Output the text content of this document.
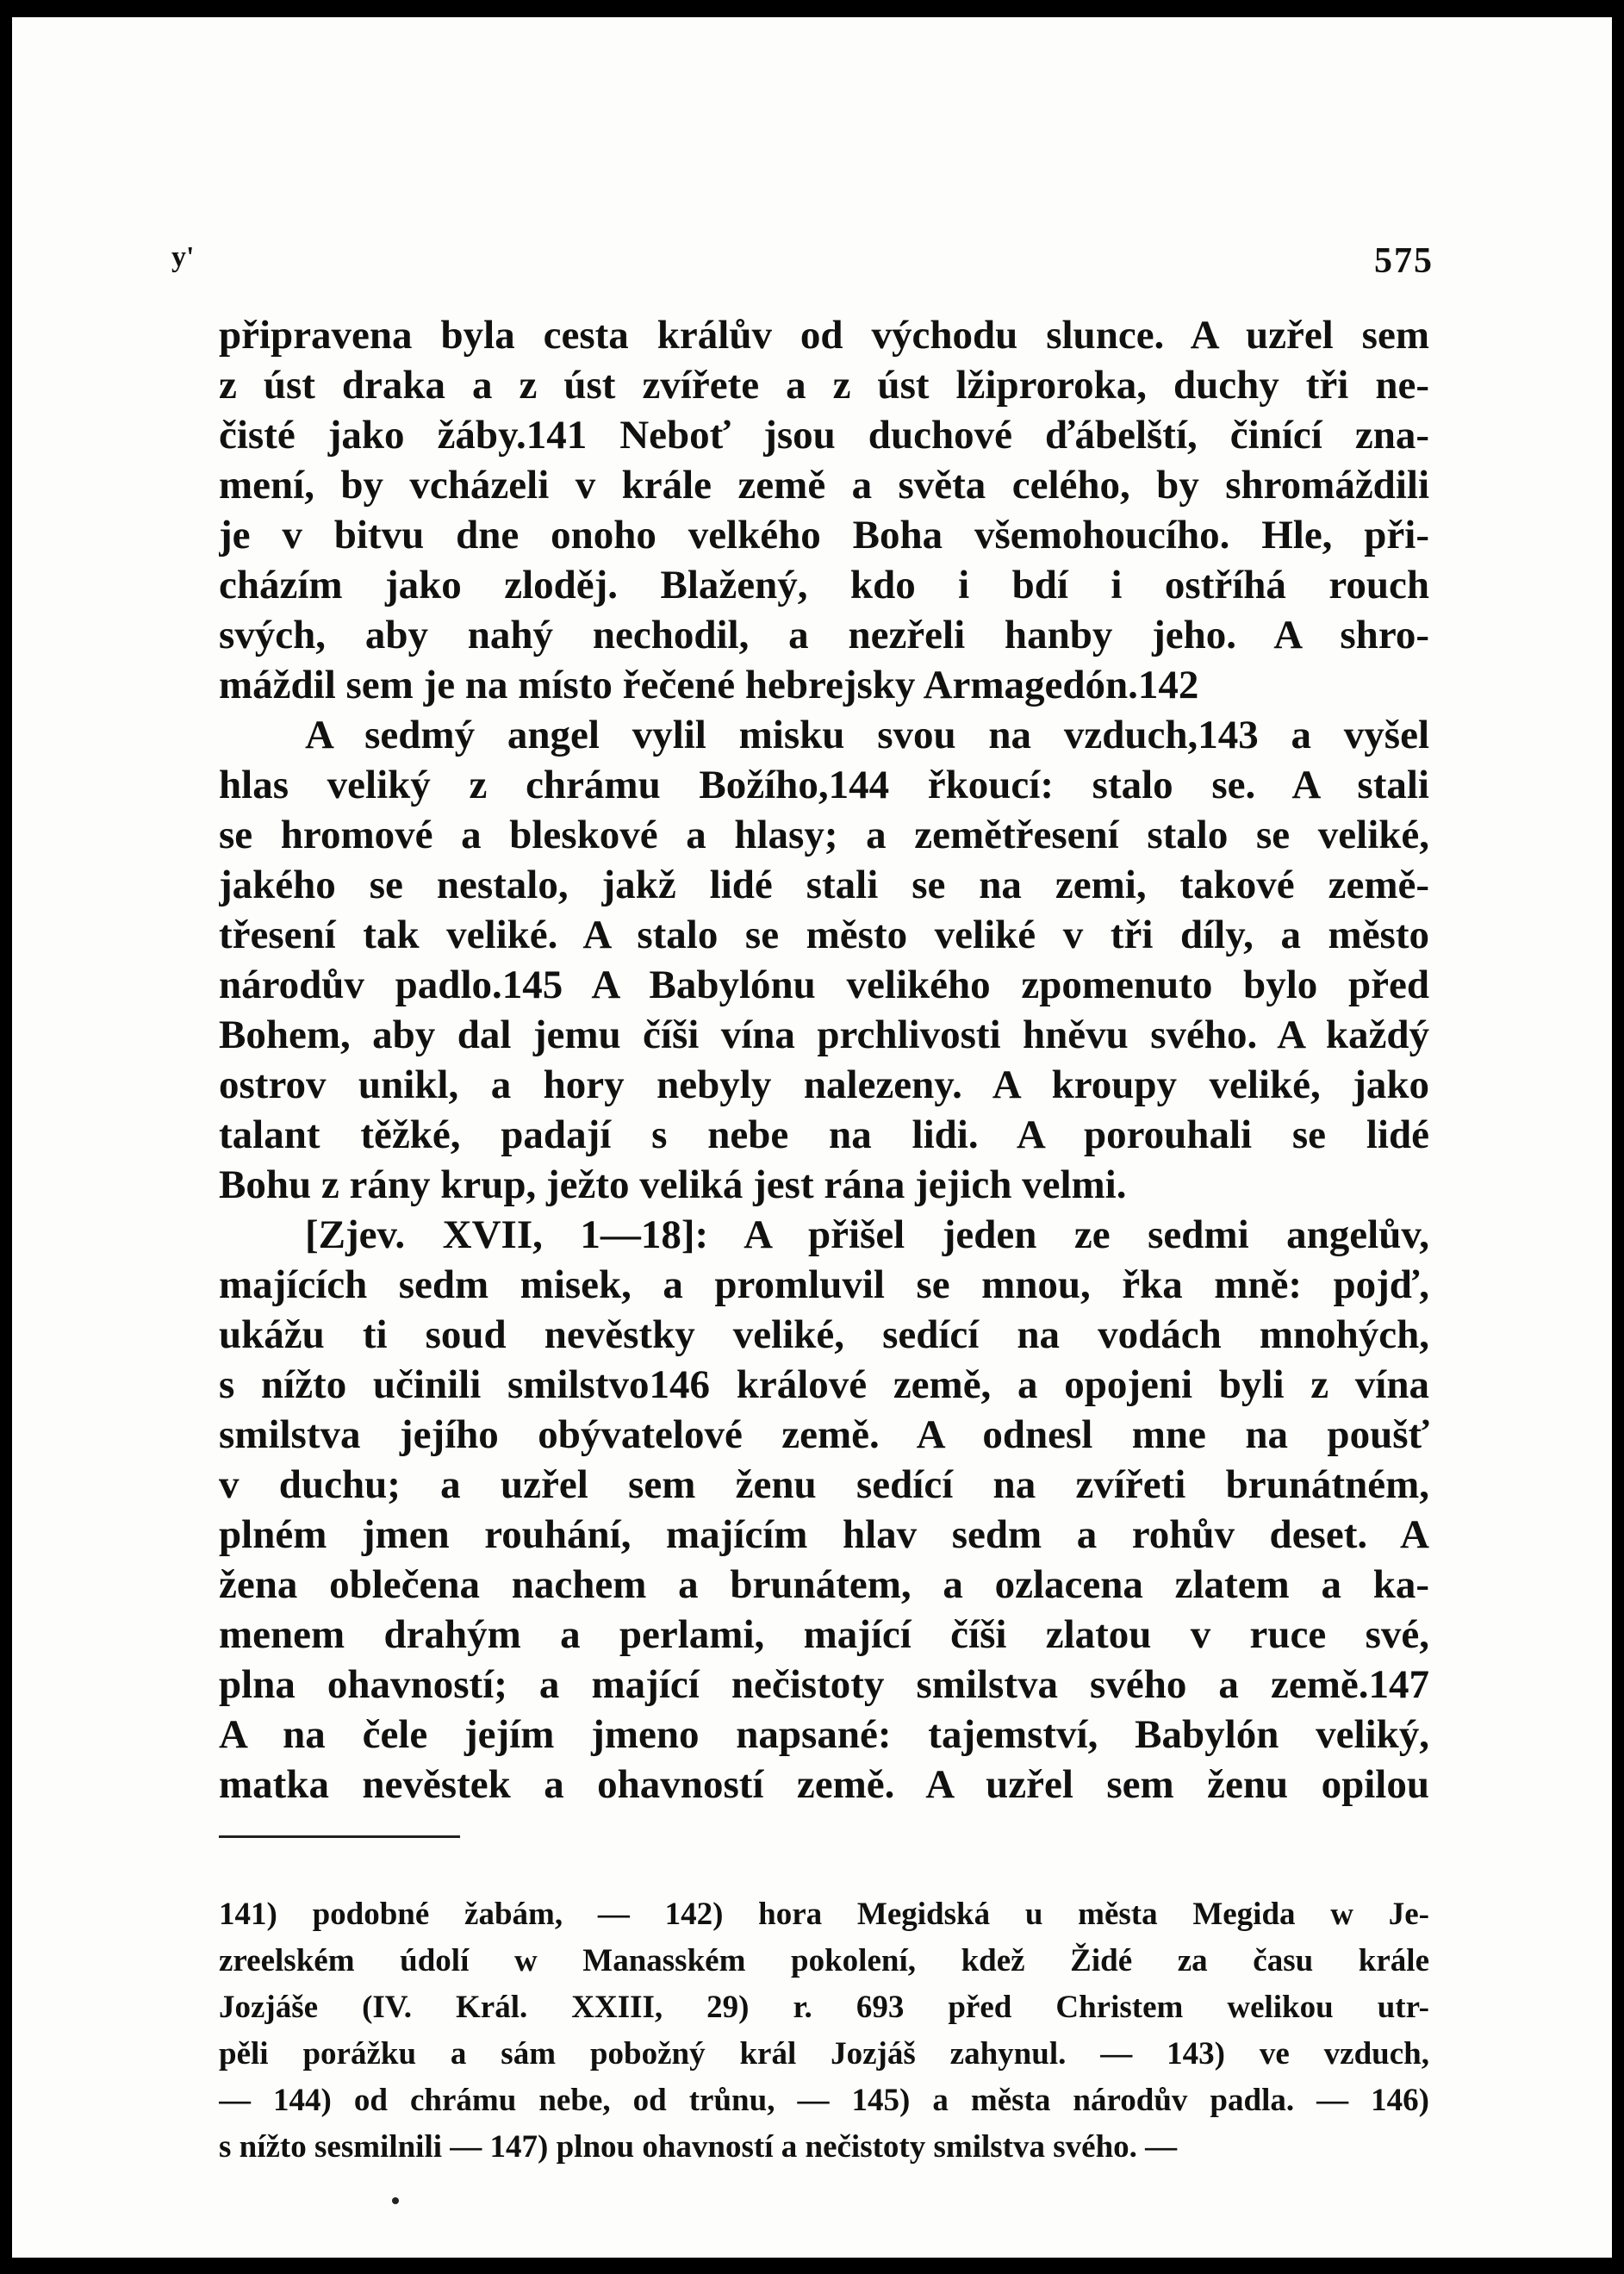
y'	575
připravena byla cesta králův od východu slunce. A uzřel sem
z úst draka a z úst zvířete a z úst lžiproroka, duchy tři ne-
čisté jako žáby.141 Neboť jsou duchové ďábelští, činící zna-
mení, by vcházeli v krále země a světa celého, by shromáždili
je v bitvu dne onoho velkého Boha všemohoucího. Hle, při-
cházím jako zloděj. Blažený, kdo i bdí i ostříhá rouch
svých, aby nahý nechodil, a nezřeli hanby jeho. A shro-
máždil sem je na místo řečené hebrejsky Armagedón.142
A sedmý angel vylil misku svou na vzduch,143 a vyšel
hlas veliký z chrámu Božího,144 řkoucí: stalo se. A stali
se hromové a bleskové a hlasy; a zemětřesení stalo se veliké,
jakého se nestalo, jakž lidé stali se na zemi, takové země-
třesení tak veliké. A stalo se město veliké v tři díly, a město
národův padlo.145 A Babylónu velikého zpomenuto bylo před
Bohem, aby dal jemu číši vína prchlivosti hněvu svého. A každý
ostrov unikl, a hory nebyly nalezeny. A kroupy veliké, jako
talant těžké, padají s nebe na lidi. A porouhali se lidé
Bohu z rány krup, ježto veliká jest rána jejich velmi.
[Zjev. XVII, 1—18]: A přišel jeden ze sedmi angelův,
majících sedm misek, a promluvil se mnou, řka mně: pojď,
ukážu ti soud nevěstky veliké, sedící na vodách mnohých,
s nížto učinili smilstvo146 králové země, a opojeni byli z vína
smilstva jejího obývatelové země. A odnesl mne na poušť
v duchu; a uzřel sem ženu sedící na zvířeti brunátném,
plném jmen rouhání, majícím hlav sedm a rohův deset. A
žena oblečena nachem a brunátem, a ozlacena zlatem a ka-
menem drahým a perlami, mající číši zlatou v ruce své,
plna ohavností; a mající nečistoty smilstva svého a země.147
A na čele jejím jmeno napsané: tajemství, Babylón veliký,
matka nevěstek a ohavností země. A uzřel sem ženu opilou
141) podobné žabám, — 142) hora Megidská u města Megida w Je-
zreelském údolí w Manasském pokolení, kdež Židé za času krále
Jozjáše (IV. Král. XXIII, 29) r. 693 před Christem welikou utr-
pěli porážku a sám pobožný král Jozjáš zahynul. — 143) ve vzduch,
— 144) od chrámu nebe, od trůnu, — 145) a města národův padla. — 146)
s nížto sesmilnili — 147) plnou ohavností a nečistoty smilstva svého. —
